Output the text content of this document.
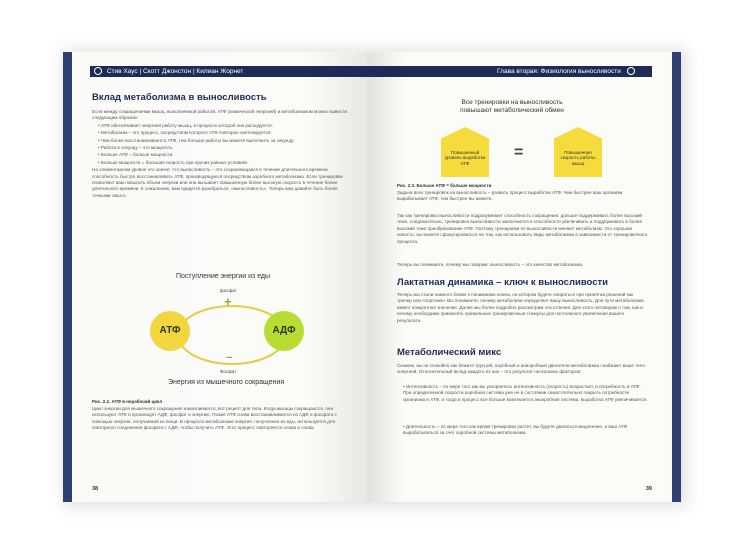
Стив Хаус | Скотт Джонстон | Килиан Жорнет
Вклад метаболизма в выносливость

Если между сокращениями мышц, выполняемой работой, АТФ (химической энергией) и метаболизмом можно вывести следующим образом:

• АТФ обеспечивает энергией работу мышц, в процессе которой она расходуется.

• Метаболизм – это процесс, посредством которого АТФ повторно синтезируется.

• Чем более восстанавливается АТФ, тем больше работы вы можете выполнить за секунду:

• Работа в секунду – это мощность.

• Больше АТФ = больше мощности.

• Больше мощности = большая скорость при прочих равных условиях.

На элементарном уровне это значит, что выносливость – это сохраняющаяся в течение длительного времени способность быстро восстанавливать АТФ, производящуюся посредством аэробного метаболизма. Если тренировки позволяют вам повысить объем энергии или она вызывает повышенную более высокую скорость в течение более длительного времени. К сожалению, вам придется разобраться, «выносливость». Теперь вам давайте быть более точными смысл.

Поступление энергии из еды
фосфат
+
АТФ	АДФ
−
Фосфат
Энергия из мышечного сокращения
Рис. 2.2. АТФ в нерабочий цикл
Цикл энергии для мышечного сокращения накапливается, вот рецепт для тела. Когда мышцы сокращаются, они используют АТФ и производят АДФ, фосфат и энергию. Позже АТФ снова восстанавливается из АДФ и фосфата с помощью энергии, получаемой из пищи. В процессе метаболизма энергия, полученная из еды, используется для повторного соединения фосфата с АДФ, чтобы получить АТФ. Этот процесс повторяется снова и снова.
38
Глава вторая: Физиология выносливости
Все тренировки на выносливость повышают метаболический обмен
Повышенный уровень выработки АТФ
=	Повышенная скорость работы мышц
Рис. 2.3. Больше АТФ = больше мощности
Задача всех тренировок на выносливость – развить процесс выработки АТФ. Чем быстрее ваш организм вырабатывает АТФ, тем быстрее вы можете.
Так как тренировка выносливости подразумевает способность сокращения, дольше поддерживать более высокий темп, следовательно, тренировка выносливости заключается в способности увеличивать и поддерживать в более высокий темп преобразование АТФ. Поэтому тренировки по выносливости меняют метаболизм. Это хорошая новость: вы можете сфокусироваться на том, как использовать виды метаболизма в зависимости от тренировочного процесса.
Теперь вы понимаете, почему мы говорим: выносливость – это качество метаболизма.
Лактатная динамика – ключ к выносливости
Теперь мы стали намного ближе к пониманию ключа, на котором будете опираться при принятии решений как тренер или спортсмен. Вы понимаете, почему метаболизм определяет вашу выносливость. Для пути метаболизма имеют конкретное значение. Далее мы более подробно рассмотрим эти отличия. Для этого поговорим о том, как и почему необходимо применять правильные тренировочные стимулы для постоянного увеличения вашего результата.
Метаболический микс
Скажем, вы не спокойно как бежите трусцой, аэробный и анаэробный двигатели метаболизма снабжают ваше тело энергией. Относительный вклад каждого из них – это результат нескольких факторов:
• Интенсивность – по мере того как вы ускоряетесь интенсивность (скорость) возрастает, и потребность в АТФ. При определенной скорости аэробная система уже не в состоянии самостоятельно покрыть потребности организма в АТФ, и тогда в процесс все больше вовлекается анаэробная система, выработка АТФ увеличивается.
• Длительность – по мере того как время тренировки растет, вы будете двигаться медленнее, а ваш АТФ вырабатываться за счет аэробной системы метаболизма.
39
